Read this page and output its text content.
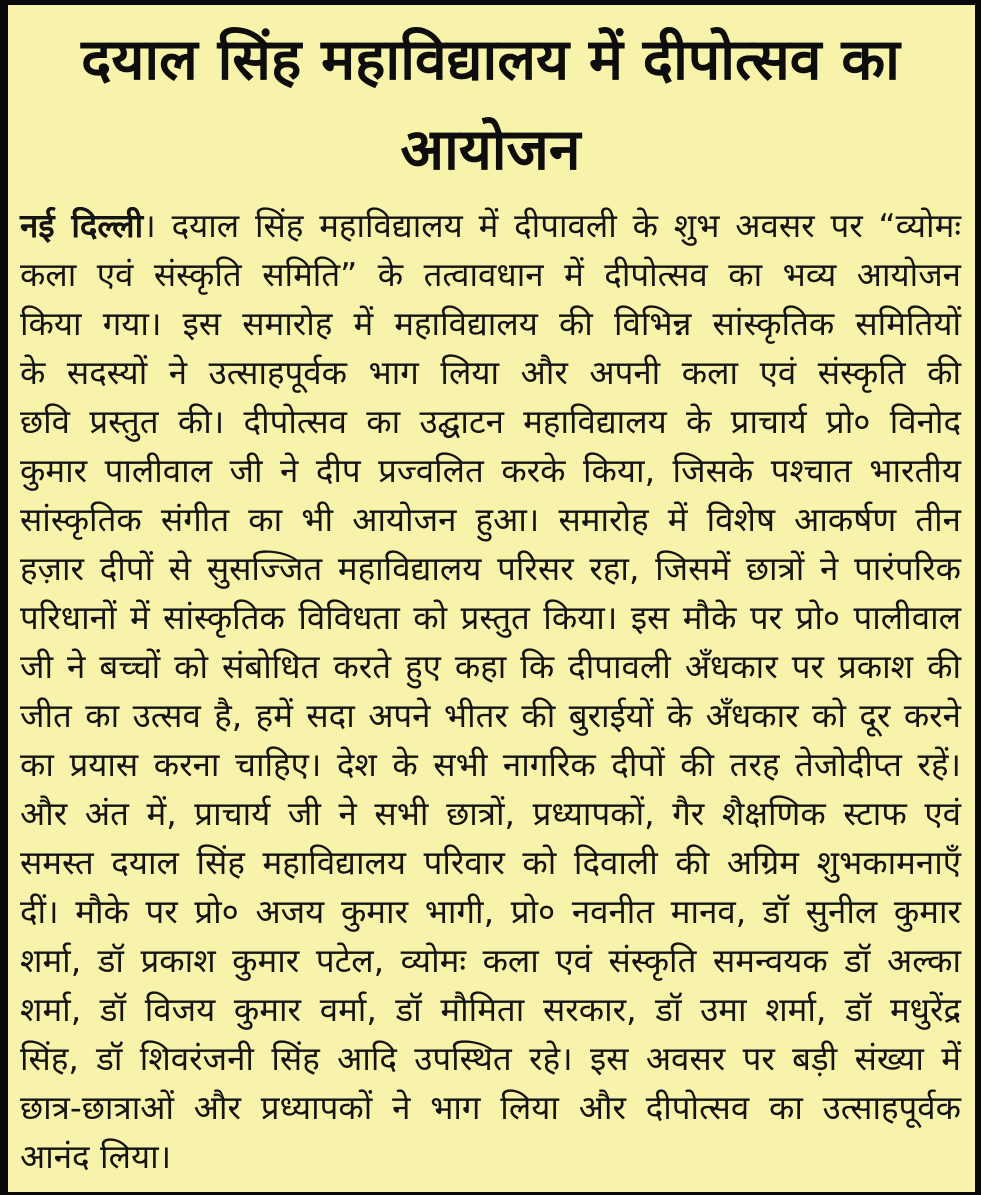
दयाल सिंह महाविद्यालय में दीपोत्सव का आयोजन
नई दिल्ली। दयाल सिंह महाविद्यालय में दीपावली के शुभ अवसर पर “व्योमः
कला एवं संस्कृति समिति” के तत्वावधान में दीपोत्सव का भव्य आयोजन
किया गया। इस समारोह में महाविद्यालय की विभिन्न सांस्कृतिक समितियों
के सदस्यों ने उत्साहपूर्वक भाग लिया और अपनी कला एवं संस्कृति की
छवि प्रस्तुत की। दीपोत्सव का उद्घाटन महाविद्यालय के प्राचार्य प्रो० विनोद
कुमार पालीवाल जी ने दीप प्रज्वलित करके किया, जिसके पश्चात भारतीय
सांस्कृतिक संगीत का भी आयोजन हुआ। समारोह में विशेष आकर्षण तीन
हज़ार दीपों से सुसज्जित महाविद्यालय परिसर रहा, जिसमें छात्रों ने पारंपरिक
परिधानों में सांस्कृतिक विविधता को प्रस्तुत किया। इस मौके पर प्रो० पालीवाल
जी ने बच्चों को संबोधित करते हुए कहा कि दीपावली अँधकार पर प्रकाश की
जीत का उत्सव है, हमें सदा अपने भीतर की बुराईयों के अँधकार को दूर करने
का प्रयास करना चाहिए। देश के सभी नागरिक दीपों की तरह तेजोदीप्त रहें।
और अंत में, प्राचार्य जी ने सभी छात्रों, प्रध्यापकों, गैर शैक्षणिक स्टाफ एवं
समस्त दयाल सिंह महाविद्यालय परिवार को दिवाली की अग्रिम शुभकामनाएँ
दीं। मौके पर प्रो० अजय कुमार भागी, प्रो० नवनीत मानव, डॉ सुनील कुमार
शर्मा, डॉ प्रकाश कुमार पटेल, व्योमः कला एवं संस्कृति समन्वयक डॉ अल्का
शर्मा, डॉ विजय कुमार वर्मा, डॉ मौमिता सरकार, डॉ उमा शर्मा, डॉ मधुरेंद्र
सिंह, डॉ शिवरंजनी सिंह आदि उपस्थित रहे। इस अवसर पर बड़ी संख्या में
छात्र-छात्राओं और प्रध्यापकों ने भाग लिया और दीपोत्सव का उत्साहपूर्वक
आनंद लिया।
